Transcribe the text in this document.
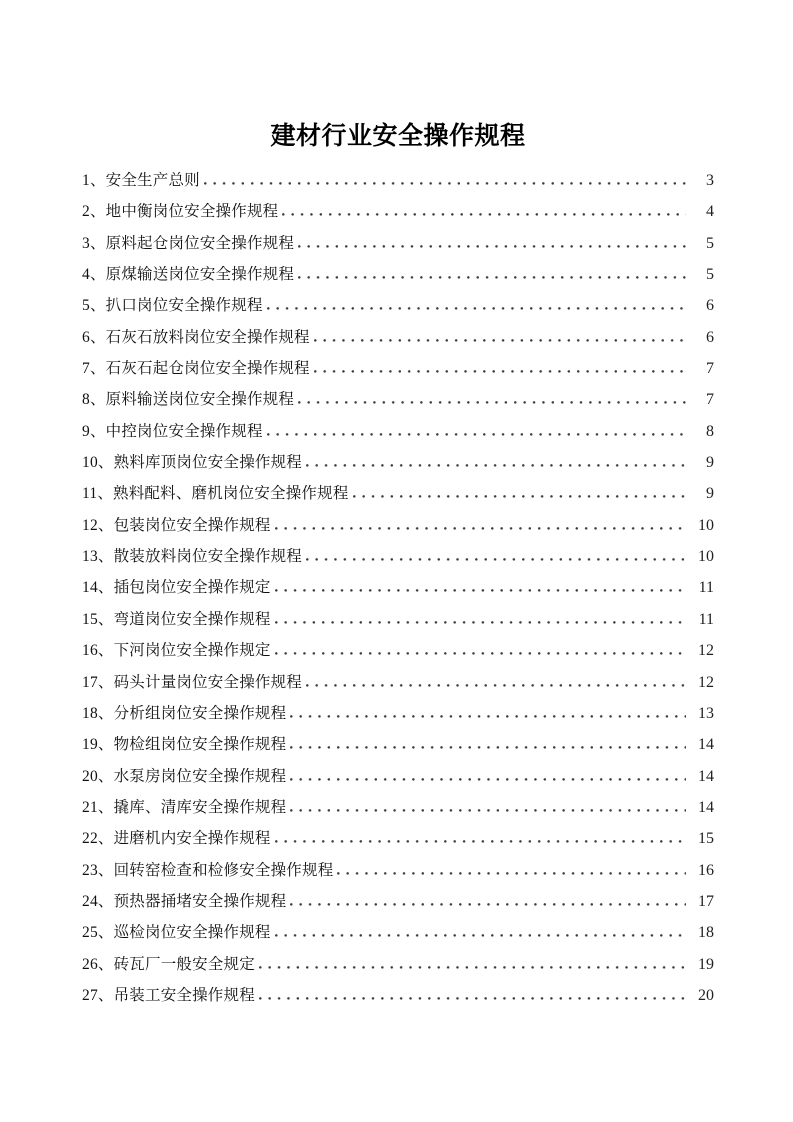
建材行业安全操作规程
1、安全生产总则	3
2、地中衡岗位安全操作规程	4
3、原料起仓岗位安全操作规程	5
4、原煤输送岗位安全操作规程	5
5、扒口岗位安全操作规程	6
6、石灰石放料岗位安全操作规程	6
7、石灰石起仓岗位安全操作规程	7
8、原料输送岗位安全操作规程	7
9、中控岗位安全操作规程	8
10、熟料库顶岗位安全操作规程	9
11、熟料配料、磨机岗位安全操作规程	9
12、包装岗位安全操作规程	10
13、散装放料岗位安全操作规程	10
14、插包岗位安全操作规定	11
15、弯道岗位安全操作规程	11
16、下河岗位安全操作规定	12
17、码头计量岗位安全操作规程	12
18、分析组岗位安全操作规程	13
19、物检组岗位安全操作规程	14
20、水泵房岗位安全操作规程	14
21、撬库、清库安全操作规程	14
22、进磨机内安全操作规程	15
23、回转窑检查和检修安全操作规程	16
24、预热器捅堵安全操作规程	17
25、巡检岗位安全操作规程	18
26、砖瓦厂一般安全规定	19
27、吊装工安全操作规程	20
